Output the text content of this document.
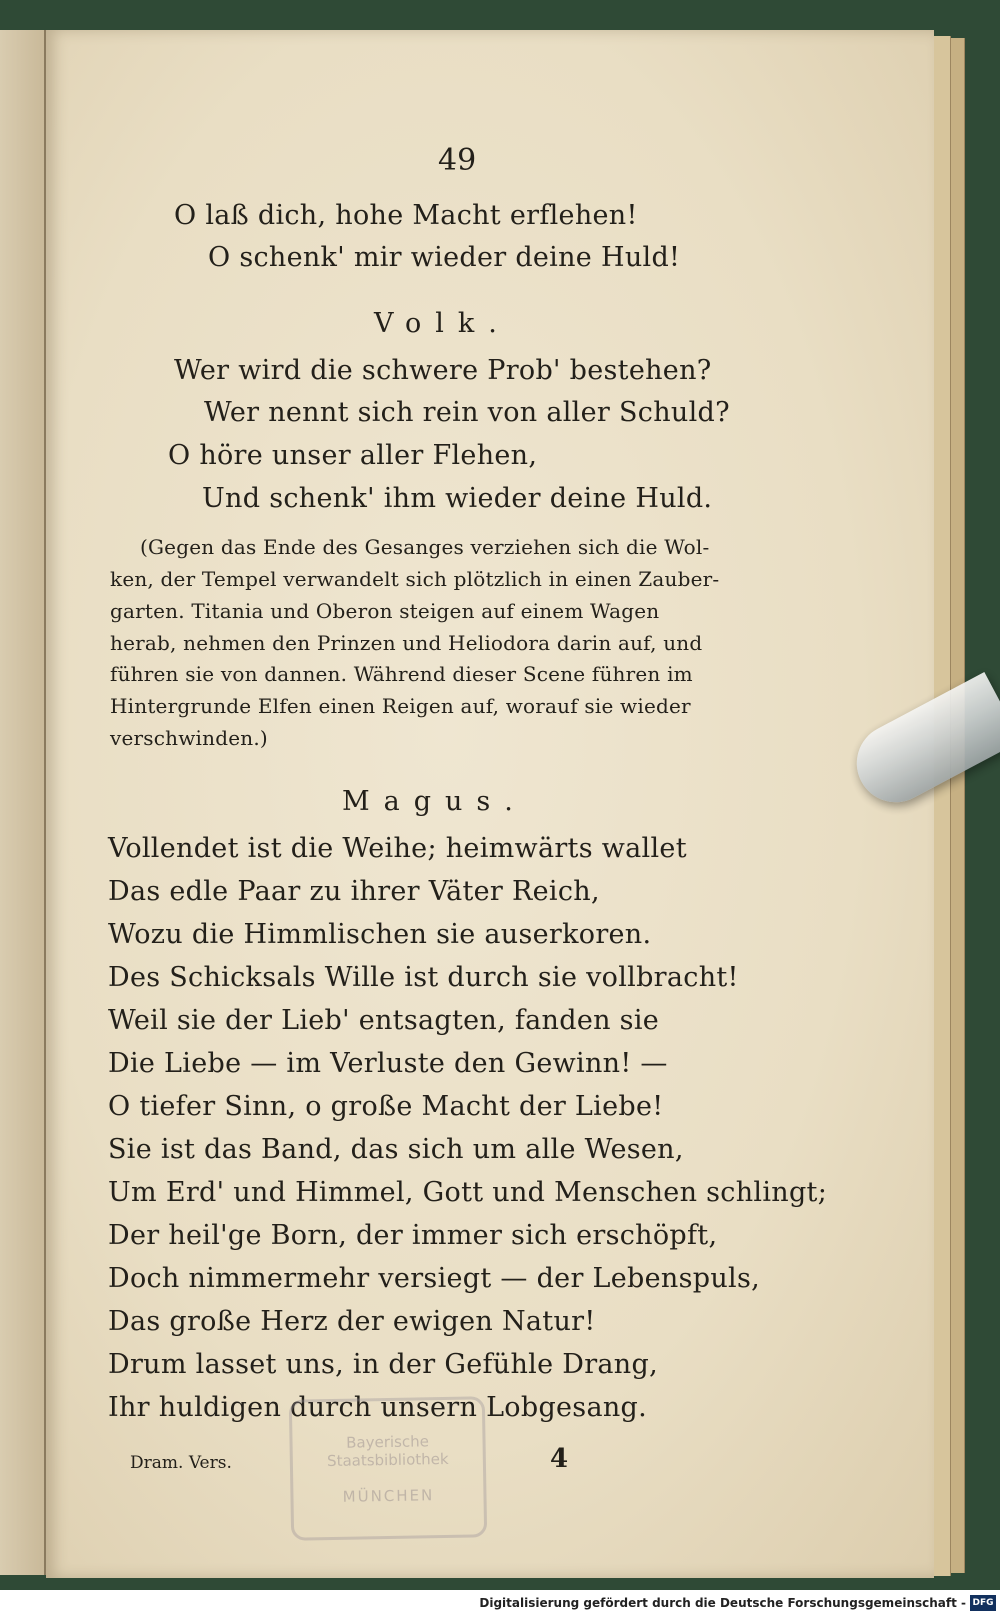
49
O laß dich, hohe Macht erflehen!
O schenk' mir wieder deine Huld!
Volk.
Wer wird die schwere Prob' bestehen?
Wer nennt sich rein von aller Schuld?
O höre unser aller Flehen,
Und schenk' ihm wieder deine Huld.
(Gegen das Ende des Gesanges verziehen sich die Wol-
ken, der Tempel verwandelt sich plötzlich in einen Zauber-
garten. Titania und Oberon steigen auf einem Wagen
herab, nehmen den Prinzen und Heliodora darin auf, und
führen sie von dannen. Während dieser Scene führen im
Hintergrunde Elfen einen Reigen auf, worauf sie wieder
verschwinden.)
Magus.
Vollendet ist die Weihe; heimwärts wallet
Das edle Paar zu ihrer Väter Reich,
Wozu die Himmlischen sie auserkoren.
Des Schicksals Wille ist durch sie vollbracht!
Weil sie der Lieb' entsagten, fanden sie
Die Liebe — im Verluste den Gewinn! —
O tiefer Sinn, o große Macht der Liebe!
Sie ist das Band, das sich um alle Wesen,
Um Erd' und Himmel, Gott und Menschen schlingt;
Der heil'ge Born, der immer sich erschöpft,
Doch nimmermehr versiegt — der Lebenspuls,
Das große Herz der ewigen Natur!
Drum lasset uns, in der Gefühle Drang,
Ihr huldigen durch unsern Lobgesang.
Dram. Vers.	4
Bayerische
Staatsbibliothek
MÜNCHEN
Digitalisierung gefördert durch die Deutsche Forschungsgemeinschaft - DFG
